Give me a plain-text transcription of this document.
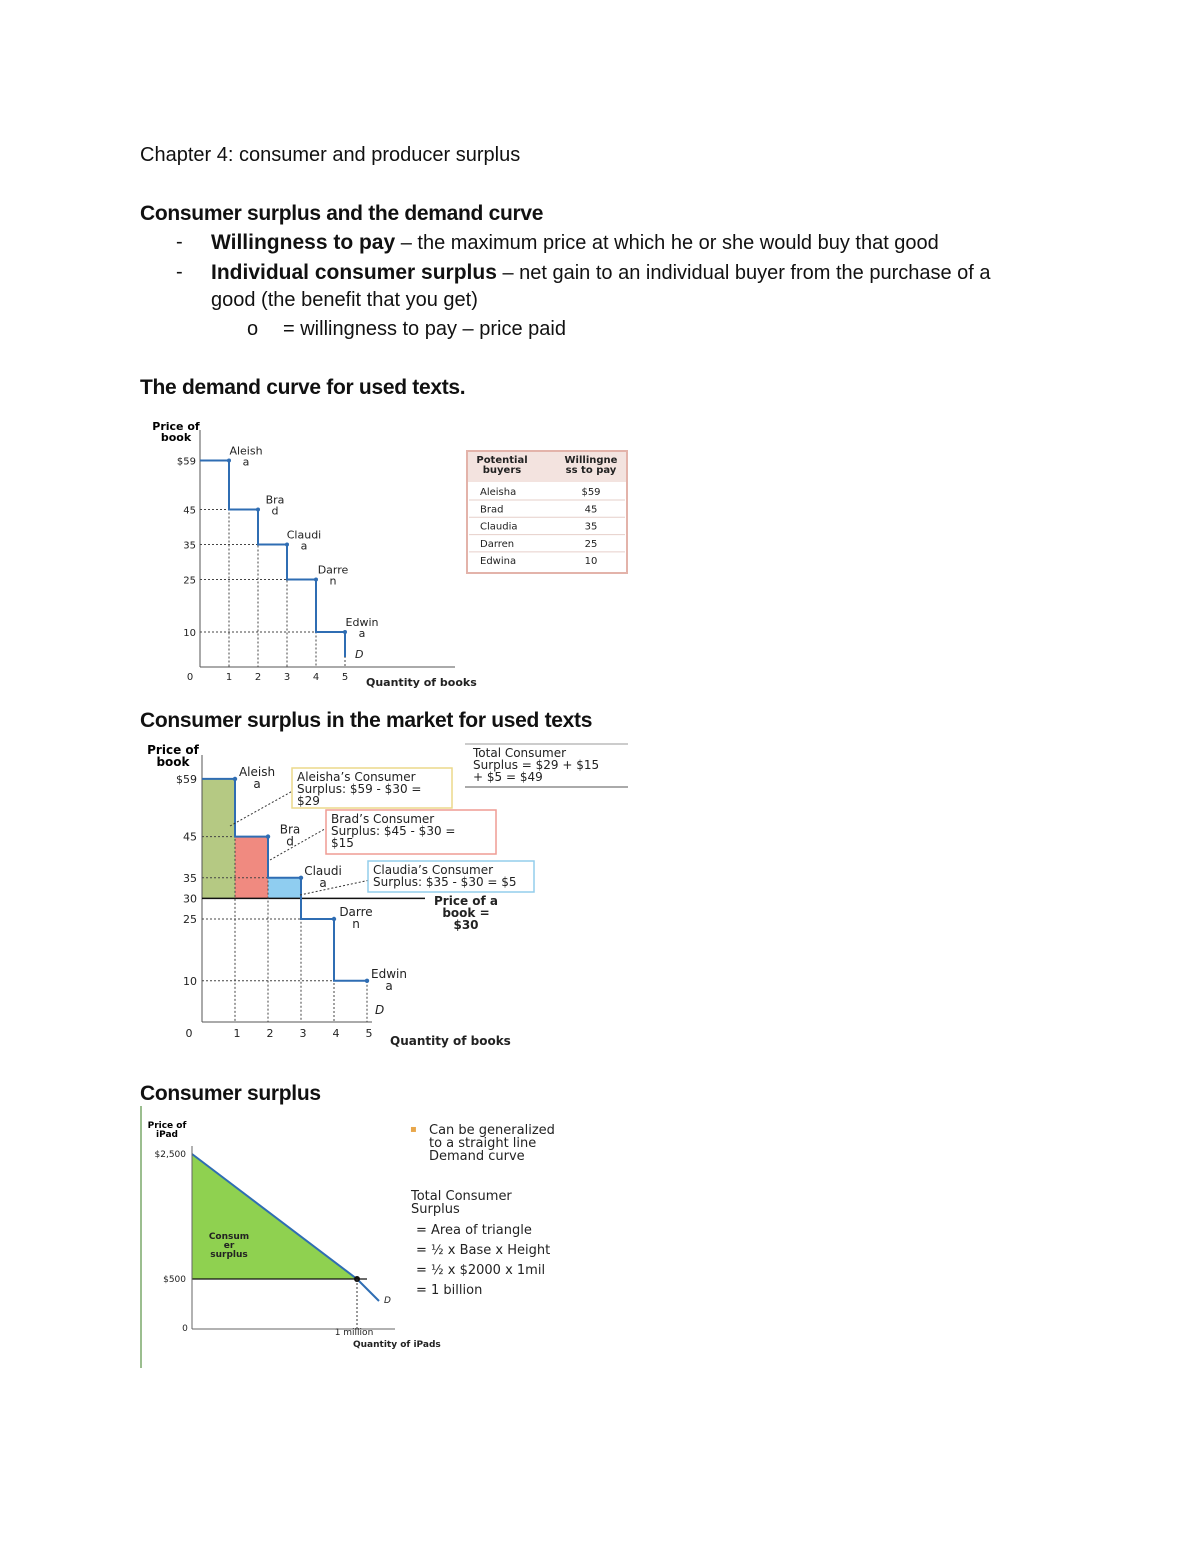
Chapter 4: consumer and producer surplus
Consumer surplus and the demand curve
- Willingness to pay – the maximum price at which he or she would buy that good
- Individual consumer surplus – net gain to an individual buyer from the purchase of a
good (the benefit that you get)
o = willingness to pay – price paid
The demand curve for used texts.
Price of
book
$59
45
35
25
10
0	1 2 3 4 5 Quantity of books
Aleish
a
Bra
d
Claudi
a
Darre
n
Edwin
a
D
Potential
buyers
Willingne
ss to pay
Aleisha	$59
Brad	45
Claudia	35
Darren	25
Edwina	10
Consumer surplus in the market for used texts
Price of
book
$59
45
35
30
25
10
0	1 2 3 4 5
Quantity of books
Aleish
a
Bra
d
Claudi
a
Darre
n
Edwin
a
D
Aleisha’s Consumer
Surplus: $59 - $30 =
$29
Brad’s Consumer
Surplus: $45 - $30 =
$15
Claudia’s Consumer
Surplus: $35 - $30 = $5
Price of a
book =
$30
Total Consumer
Surplus = $29 + $15
+ $5 = $49
Consumer surplus
Price of
iPad
$2,500
$500
0	1 million
Quantity of iPads
Consum
er
surplus
D
▪ Can be generalized
to a straight line
Demand curve
Total Consumer
Surplus
= Area of triangle
= ½ x Base x Height
= ½ x $2000 x 1mil
= 1 billion
